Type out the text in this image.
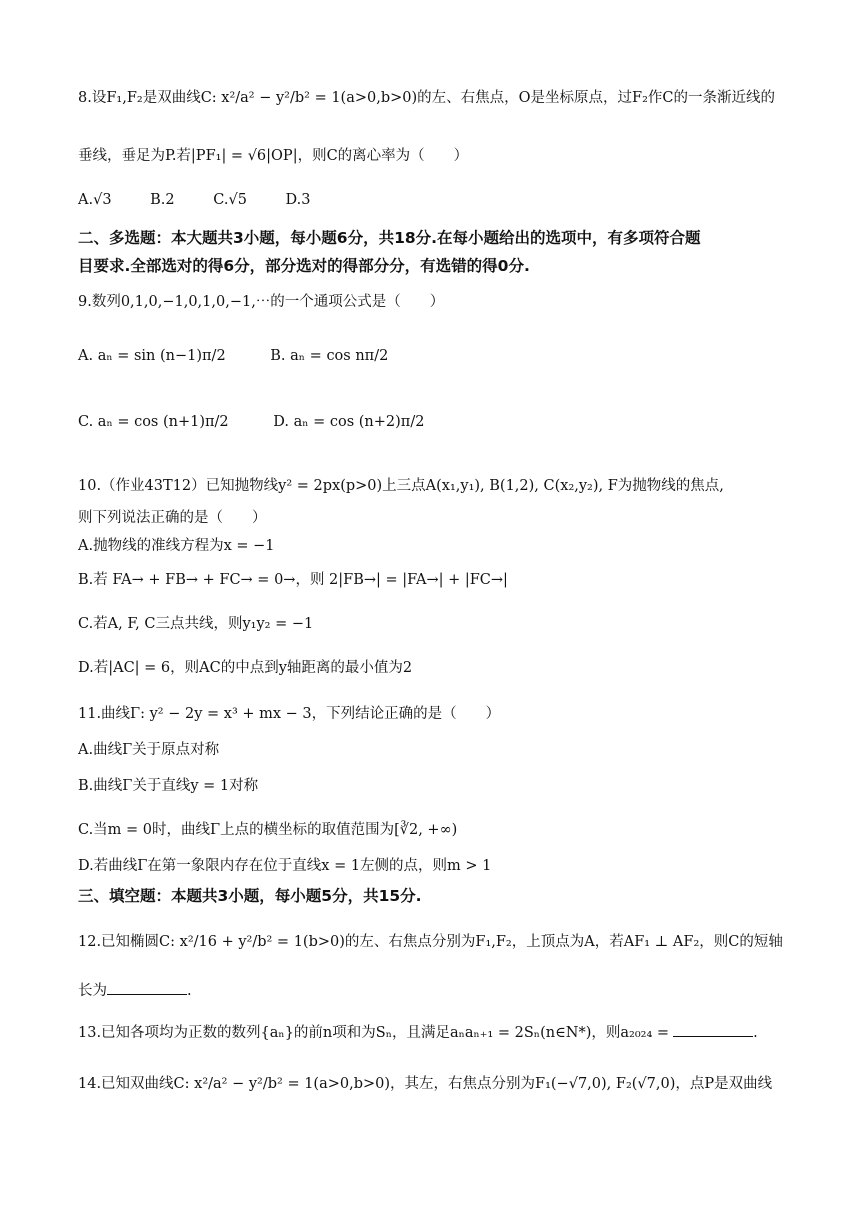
8.设F₁,F₂是双曲线C: x²/a² − y²/b² = 1(a>0,b>0)的左、右焦点，O是坐标原点，过F₂作C的一条渐近线的
垂线，垂足为P.若|PF₁| = √6|OP|，则C的离心率为（　　）
A.√3	B.2	C.√5	D.3
二、多选题：本大题共3小题，每小题6分，共18分.在每小题给出的选项中，有多项符合题
目要求.全部选对的得6分，部分选对的得部分分，有选错的得0分.
9.数列0,1,0,−1,0,1,0,−1,⋯的一个通项公式是（　　）
A. aₙ = sin (n−1)π/2	B. aₙ = cos nπ/2
C. aₙ = cos (n+1)π/2	D. aₙ = cos (n+2)π/2
10.（作业43T12）已知抛物线y² = 2px(p>0)上三点A(x₁,y₁), B(1,2), C(x₂,y₂), F为抛物线的焦点,
则下列说法正确的是（　　）
A.抛物线的准线方程为x = −1
B.若 FA→ + FB→ + FC→ = 0→，则 2|FB→| = |FA→| + |FC→|
C.若A, F, C三点共线，则y₁y₂ = −1
D.若|AC| = 6，则AC的中点到y轴距离的最小值为2
11.曲线Γ: y² − 2y = x³ + mx − 3，下列结论正确的是（　　）
A.曲线Γ关于原点对称
B.曲线Γ关于直线y = 1对称
C.当m = 0时，曲线Γ上点的横坐标的取值范围为[∛2, +∞)
D.若曲线Γ在第一象限内存在位于直线x = 1左侧的点，则m > 1
三、填空题：本题共3小题，每小题5分，共15分.
12.已知椭圆C: x²/16 + y²/b² = 1(b>0)的左、右焦点分别为F₁,F₂，上顶点为A，若AF₁ ⊥ AF₂，则C的短轴
长为	.
13.已知各项均为正数的数列{aₙ}的前n项和为Sₙ，且满足aₙaₙ₊₁ = 2Sₙ(n∈N*)，则a₂₀₂₄ =	.
14.已知双曲线C: x²/a² − y²/b² = 1(a>0,b>0)，其左，右焦点分别为F₁(−√7,0), F₂(√7,0)，点P是双曲线
